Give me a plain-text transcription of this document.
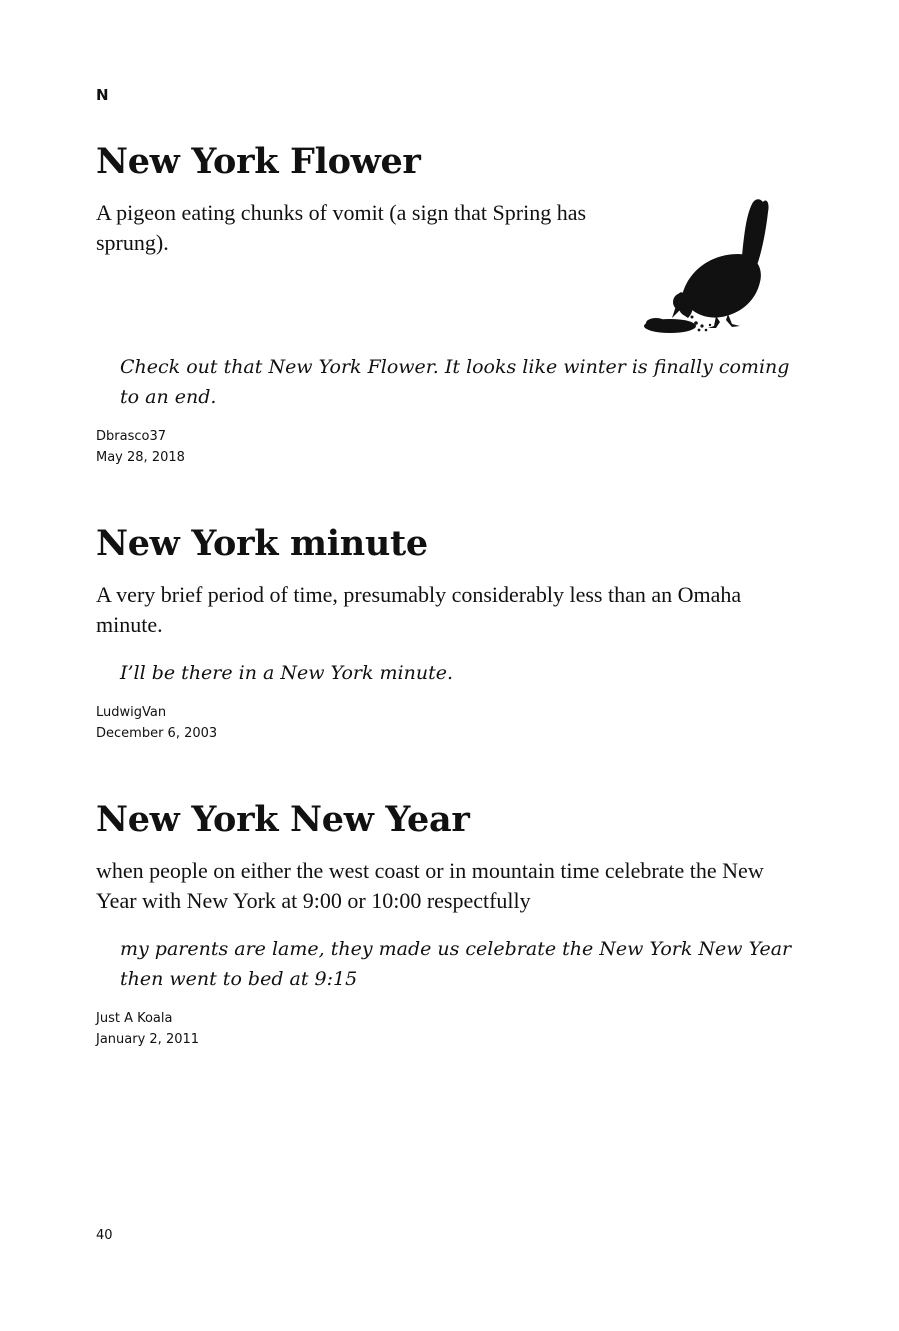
N
New York Flower

A pigeon eating chunks of vomit (a sign that Spring has sprung).

Check out that New York Flower. It looks like winter is finally coming to an end.

Dbrasco37
May 28, 2018
New York minute

A very brief period of time, presumably considerably less than an Omaha minute.

I’ll be there in a New York minute.

LudwigVan
December 6, 2003
New York New Year

when people on either the west coast or in mountain time celebrate the New Year with New York at 9:00 or 10:00 respectfully

my parents are lame, they made us celebrate the New York New Year then went to bed at 9:15

Just A Koala
January 2, 2011
40
